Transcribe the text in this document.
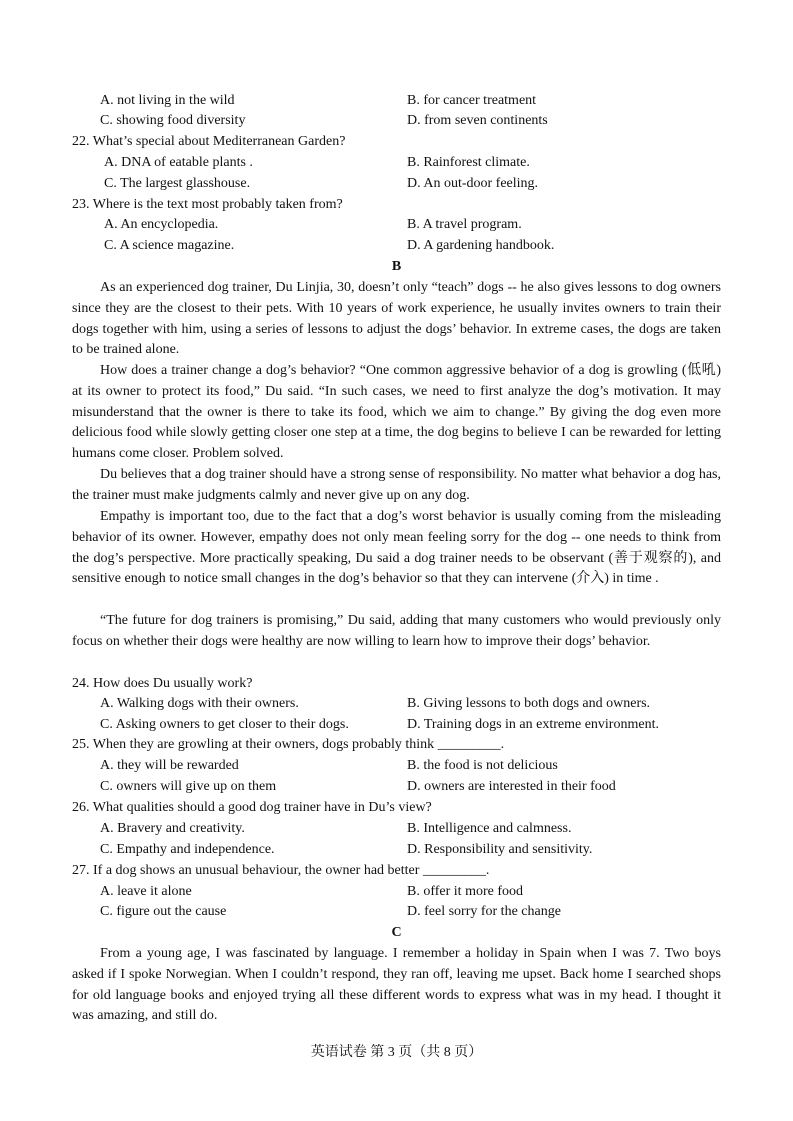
A. not living in the wild	B. for cancer treatment
C. showing food diversity	D. from seven continents
22. What’s special about Mediterranean Garden?
A. DNA of eatable plants .	B. Rainforest climate.
C. The largest glasshouse.	D. An out-door feeling.
23. Where is the text most probably taken from?
A. An encyclopedia.	B. A travel program.
C. A science magazine.	D. A gardening handbook.
B

As an experienced dog trainer, Du Linjia, 30, doesn’t only “teach” dogs -- he also gives lessons to dog owners since they are the closest to their pets. With 10 years of work experience, he usually invites owners to train their dogs together with him, using a series of lessons to adjust the dogs’ behavior. In extreme cases, the dogs are taken to be trained alone.

How does a trainer change a dog’s behavior? “One common aggressive behavior of a dog is growling (低吼) at its owner to protect its food,” Du said. “In such cases, we need to first analyze the dog’s motivation. It may misunderstand that the owner is there to take its food, which we aim to change.” By giving the dog even more delicious food while slowly getting closer one step at a time, the dog begins to believe I can be rewarded for letting humans come closer. Problem solved.

Du believes that a dog trainer should have a strong sense of responsibility. No matter what behavior a dog has, the trainer must make judgments calmly and never give up on any dog.

Empathy is important too, due to the fact that a dog’s worst behavior is usually coming from the misleading behavior of its owner. However, empathy does not only mean feeling sorry for the dog -- one needs to think from the dog’s perspective. More practically speaking, Du said a dog trainer needs to be observant (善于观察的), and sensitive enough to notice small changes in the dog’s behavior so that they can intervene (介入) in time .

“The future for dog trainers is promising,” Du said, adding that many customers who would previously only focus on whether their dogs were healthy are now willing to learn how to improve their dogs’ behavior.

24. How does Du usually work?
A. Walking dogs with their owners.	B. Giving lessons to both dogs and owners.
C. Asking owners to get closer to their dogs.	D. Training dogs in an extreme environment.
25. When they are growling at their owners, dogs probably think _________.
A. they will be rewarded	B. the food is not delicious
C. owners will give up on them	D. owners are interested in their food
26. What qualities should a good dog trainer have in Du’s view?
A. Bravery and creativity.	B. Intelligence and calmness.
C. Empathy and independence.	D. Responsibility and sensitivity.
27. If a dog shows an unusual behaviour, the owner had better _________.
A. leave it alone	B. offer it more food
C. figure out the cause	D. feel sorry for the change
C

From a young age, I was fascinated by language. I remember a holiday in Spain when I was 7. Two boys asked if I spoke Norwegian. When I couldn’t respond, they ran off, leaving me upset. Back home I searched shops for old language books and enjoyed trying all these different words to express what was in my head. I thought it was amazing, and still do.

英语试卷 第 3 页（共 8 页）
